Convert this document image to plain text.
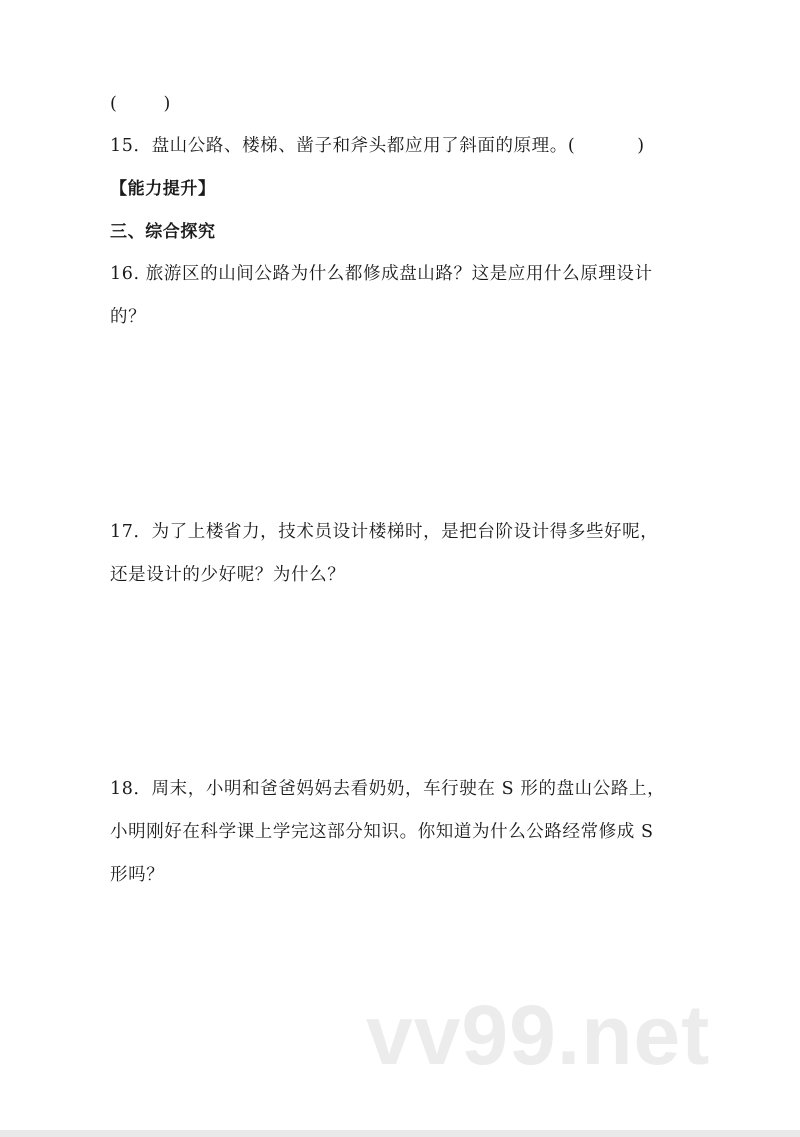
(	)
15．盘山公路、楼梯、凿子和斧头都应用了斜面的原理。(	)
【能力提升】
三、综合探究
16. 旅游区的山间公路为什么都修成盘山路？这是应用什么原理设计
的？
17．为了上楼省力，技术员设计楼梯时，是把台阶设计得多些好呢，
还是设计的少好呢？为什么？
18．周末，小明和爸爸妈妈去看奶奶，车行驶在 S 形的盘山公路上，
小明刚好在科学课上学完这部分知识。你知道为什么公路经常修成 S
形吗？
vv99.net
